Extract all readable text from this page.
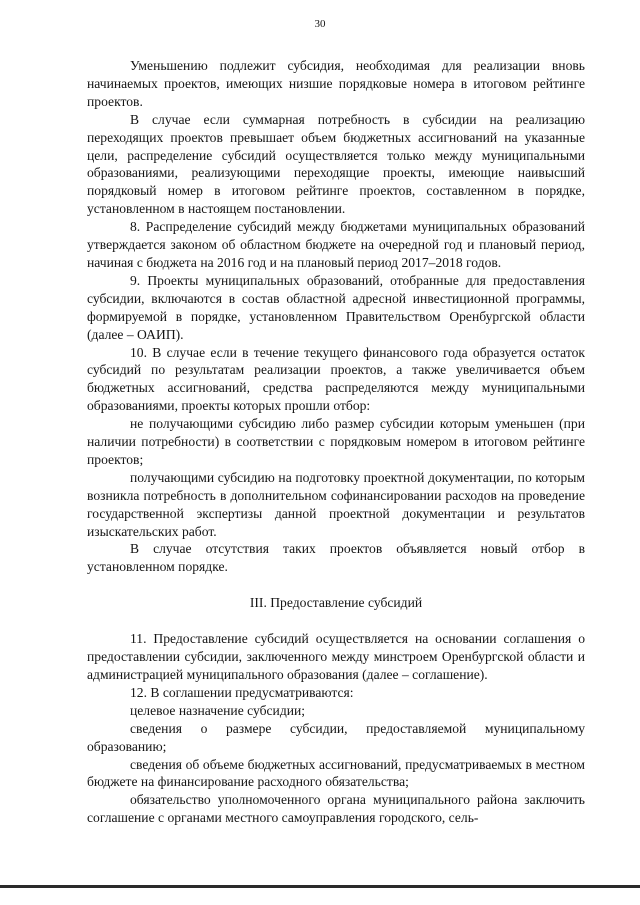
30

Уменьшению подлежит субсидия, необходимая для реализации вновь начинаемых проектов, имеющих низшие порядковые номера в итоговом рейтинге проектов.

В случае если суммарная потребность в субсидии на реализацию переходящих проектов превышает объем бюджетных ассигнований на указанные цели, распределение субсидий осуществляется только между муниципальными образованиями, реализующими переходящие проекты, имеющие наивысший порядковый номер в итоговом рейтинге проектов, составленном в порядке, установленном в настоящем постановлении.

8. Распределение субсидий между бюджетами муниципальных образований утверждается законом об областном бюджете на очередной год и плановый период, начиная с бюджета на 2016 год и на плановый период 2017–2018 годов.

9. Проекты муниципальных образований, отобранные для предоставления субсидии, включаются в состав областной адресной инвестиционной программы, формируемой в порядке, установленном Правительством Оренбургской области (далее – ОАИП).

10. В случае если в течение текущего финансового года образуется остаток субсидий по результатам реализации проектов, а также увеличивается объем бюджетных ассигнований, средства распределяются между муниципальными образованиями, проекты которых прошли отбор:

не получающими субсидию либо размер субсидии которым уменьшен (при наличии потребности) в соответствии с порядковым номером в итоговом рейтинге проектов;

получающими субсидию на подготовку проектной документации, по которым возникла потребность в дополнительном софинансировании расходов на проведение государственной экспертизы данной проектной документации и результатов изыскательских работ.

В случае отсутствия таких проектов объявляется новый отбор в установленном порядке.

III. Предоставление субсидий

11. Предоставление субсидий осуществляется на основании соглашения о предоставлении субсидии, заключенного между минстроем Оренбургской области и администрацией муниципального образования (далее – соглашение).

12. В соглашении предусматриваются:

целевое назначение субсидии;

сведения о размере субсидии, предоставляемой муниципальному образованию;

сведения об объеме бюджетных ассигнований, предусматриваемых в местном бюджете на финансирование расходного обязательства;

обязательство уполномоченного органа муниципального района заключить соглашение с органами местного самоуправления городского, сель-
